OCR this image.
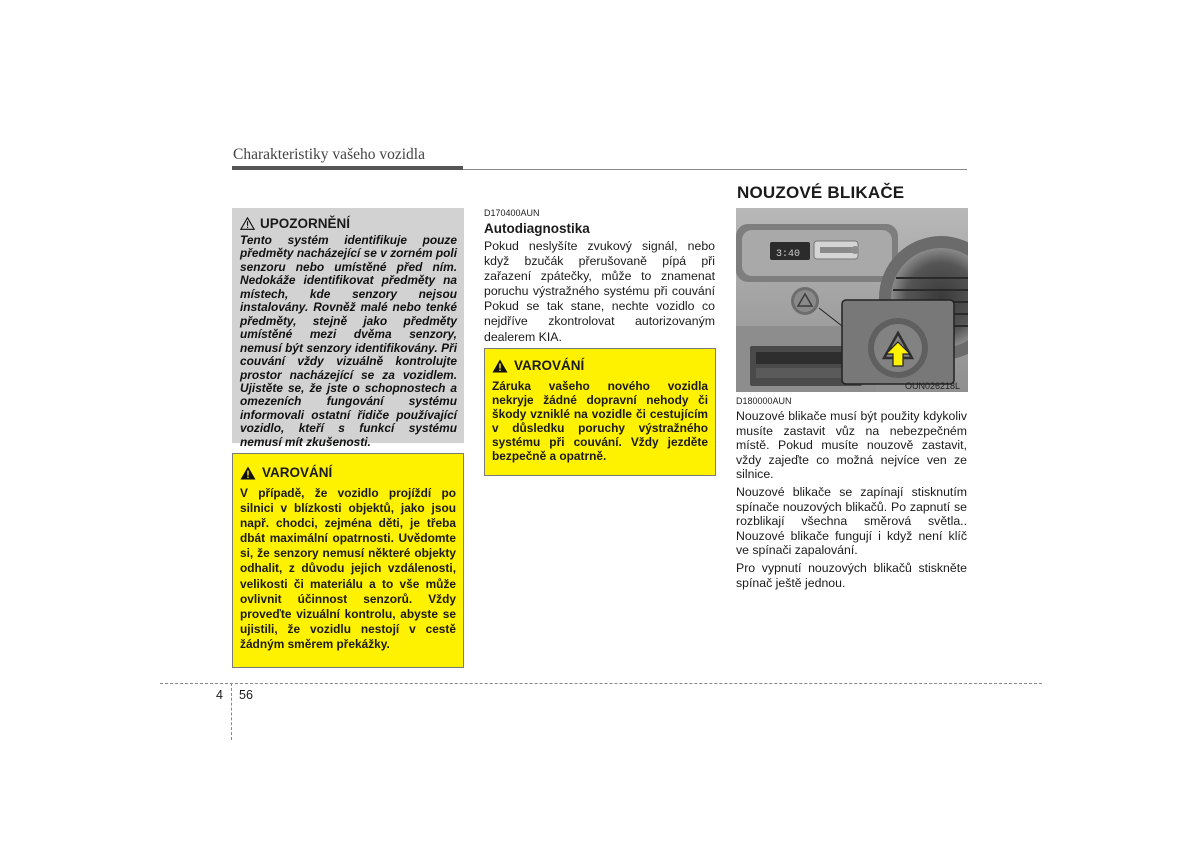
Charakteristiky vašeho vozidla
UPOZORNĚNÍ
Tento systém identifikuje pouze předměty nacházející se v zorném poli senzoru nebo umístěné před ním. Nedokáže identifikovat předměty na místech, kde senzory nejsou instalovány. Rovněž malé nebo tenké předměty, stejně jako předměty umístěné mezi dvěma senzory, nemusí být senzory identifikovány. Při couvání vždy vizuálně kontrolujte prostor nacházející se za vozidlem. Ujistěte se, že jste o schopnostech a omezeních fungování systému informovali ostatní řidiče používající vozidlo, kteří s funkcí systému nemusí mít zkušenosti.
VAROVÁNÍ
V případě, že vozidlo projíždí po silnici v blízkosti objektů, jako jsou např. chodci, zejména děti, je třeba dbát maximální opatrnosti. Uvědomte si, že senzory nemusí některé objekty odhalit, z důvodu jejich vzdálenosti, velikosti či materiálu a to vše může ovlivnit účinnost senzorů. Vždy proveďte vizuální kontrolu, abyste se ujistili, že vozidlu nestojí v cestě žádným směrem překážky.
D170400AUN
Autodiagnostika
Pokud neslyšíte zvukový signál, nebo když bzučák přerušovaně pípá při zařazení zpátečky, může to znamenat poruchu výstražného systému při couvání Pokud se tak stane, nechte vozidlo co nejdříve zkontrolovat autorizovaným dealerem KIA.
VAROVÁNÍ
Záruka vašeho nového vozidla nekryje žádné dopravní nehody či škody vzniklé na vozidle či cestujícím v důsledku poruchy výstražného systému při couvání. Vždy jezděte bezpečně a opatrně.
NOUZOVÉ BLIKAČE
3:40
OUN026218L
D180000AUN

Nouzové blikače musí být použity kdykoliv musíte zastavit vůz na nebezpečném místě. Pokud musíte nouzově zastavit, vždy zajeďte co možná nejvíce ven ze silnice.

Nouzové blikače se zapínají stisknutím spínače nouzových blikačů. Po zapnutí se rozblikají všechna směrová světla.. Nouzové blikače fungují i když není klíč ve spínači zapalování.

Pro vypnutí nouzových blikačů stiskněte spínač ještě jednou.

4 56
